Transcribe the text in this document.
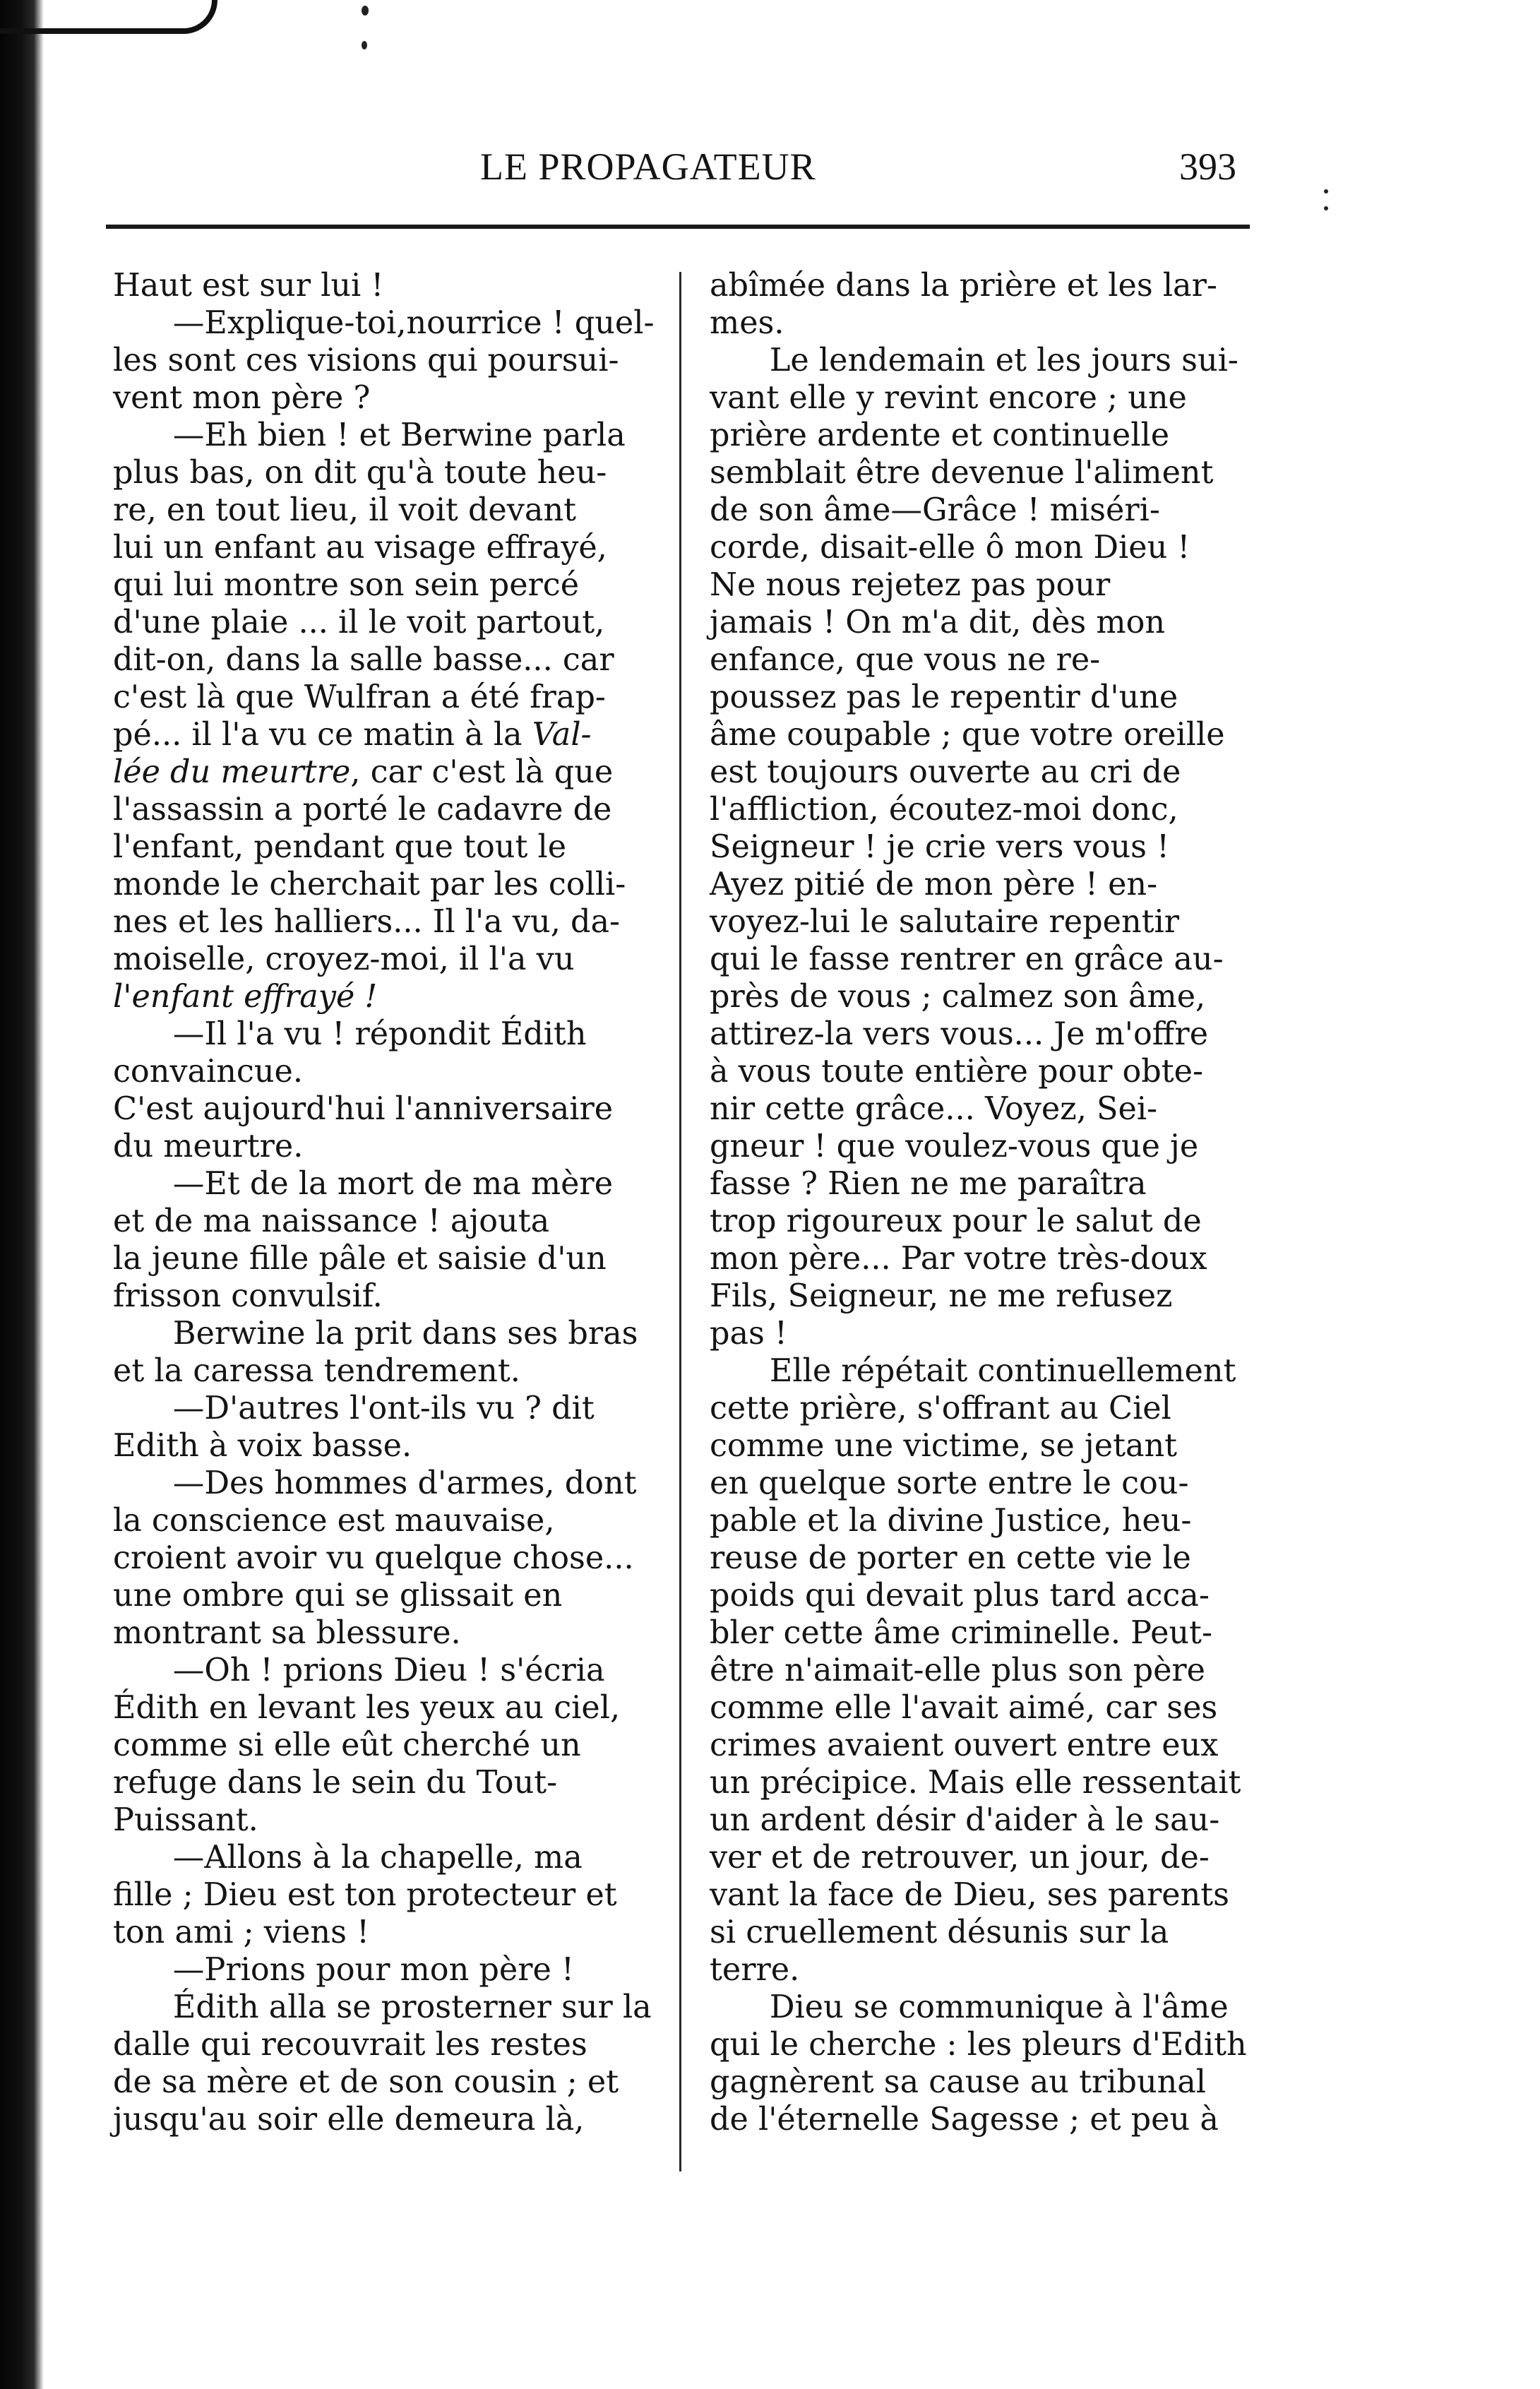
LE PROPAGATEUR	393
Haut est sur lui !
—Explique-toi,nourrice ! quel-
les sont ces visions qui poursui-
vent mon père ?
—Eh bien ! et Berwine parla
plus bas, on dit qu'à toute heu-
re, en tout lieu, il voit devant
lui un enfant au visage effrayé,
qui lui montre son sein percé
d'une plaie ... il le voit partout,
dit-on, dans la salle basse... car
c'est là que Wulfran a été frap-
pé... il l'a vu ce matin à la Val-
lée du meurtre, car c'est là que
l'assassin a porté le cadavre de
l'enfant, pendant que tout le
monde le cherchait par les colli-
nes et les halliers... Il l'a vu, da-
moiselle, croyez-moi, il l'a vu
l'enfant effrayé !
—Il l'a vu ! répondit Édith
convaincue.
C'est aujourd'hui l'anniversaire
du meurtre.
—Et de la mort de ma mère
et de ma naissance ! ajouta
la jeune fille pâle et saisie d'un
frisson convulsif.
Berwine la prit dans ses bras
et la caressa tendrement.
—D'autres l'ont-ils vu ? dit
Edith à voix basse.
—Des hommes d'armes, dont
la conscience est mauvaise,
croient avoir vu quelque chose...
une ombre qui se glissait en
montrant sa blessure.
—Oh ! prions Dieu ! s'écria
Édith en levant les yeux au ciel,
comme si elle eût cherché un
refuge dans le sein du Tout-
Puissant.
—Allons à la chapelle, ma
fille ; Dieu est ton protecteur et
ton ami ; viens !
—Prions pour mon père !
Édith alla se prosterner sur la
dalle qui recouvrait les restes
de sa mère et de son cousin ; et
jusqu'au soir elle demeura là,
abîmée dans la prière et les lar-
mes.
Le lendemain et les jours sui-
vant elle y revint encore ; une
prière ardente et continuelle
semblait être devenue l'aliment
de son âme—Grâce ! miséri-
corde, disait-elle ô mon Dieu !
Ne nous rejetez pas pour
jamais ! On m'a dit, dès mon
enfance, que vous ne re-
poussez pas le repentir d'une
âme coupable ; que votre oreille
est toujours ouverte au cri de
l'affliction, écoutez-moi donc,
Seigneur ! je crie vers vous !
Ayez pitié de mon père ! en-
voyez-lui le salutaire repentir
qui le fasse rentrer en grâce au-
près de vous ; calmez son âme,
attirez-la vers vous... Je m'offre
à vous toute entière pour obte-
nir cette grâce... Voyez, Sei-
gneur ! que voulez-vous que je
fasse ? Rien ne me paraîtra
trop rigoureux pour le salut de
mon père... Par votre très-doux
Fils, Seigneur, ne me refusez
pas !
Elle répétait continuellement
cette prière, s'offrant au Ciel
comme une victime, se jetant
en quelque sorte entre le cou-
pable et la divine Justice, heu-
reuse de porter en cette vie le
poids qui devait plus tard acca-
bler cette âme criminelle. Peut-
être n'aimait-elle plus son père
comme elle l'avait aimé, car ses
crimes avaient ouvert entre eux
un précipice. Mais elle ressentait
un ardent désir d'aider à le sau-
ver et de retrouver, un jour, de-
vant la face de Dieu, ses parents
si cruellement désunis sur la
terre.
Dieu se communique à l'âme
qui le cherche : les pleurs d'Edith
gagnèrent sa cause au tribunal
de l'éternelle Sagesse ; et peu à
